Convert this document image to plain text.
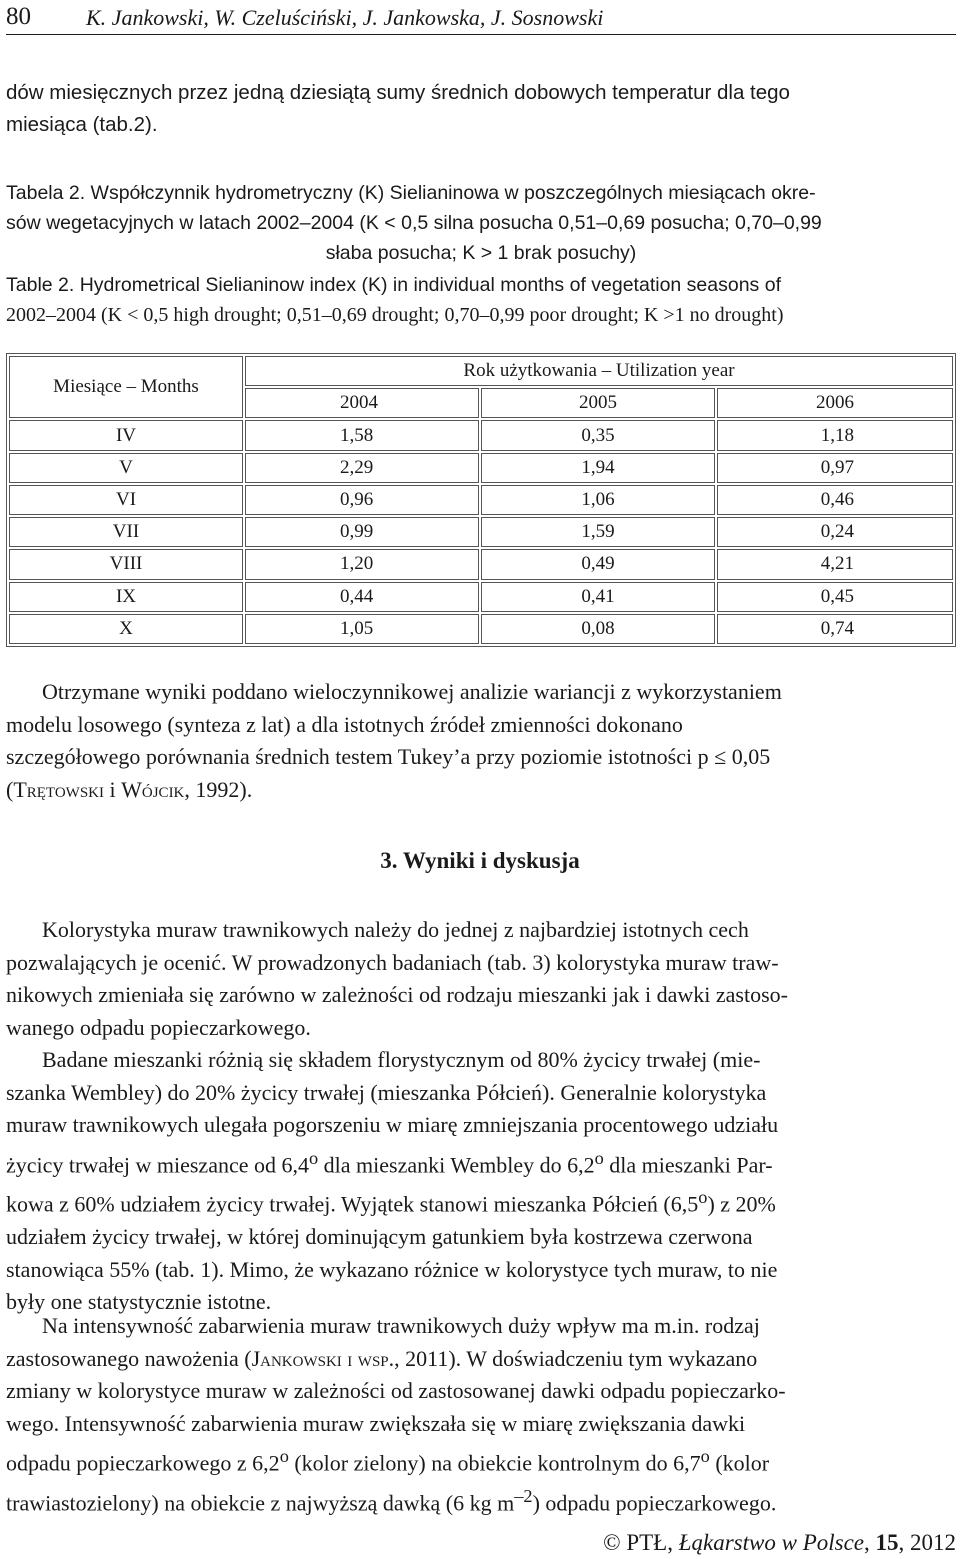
80	K. Jankowski, W. Czeluściński, J. Jankowska, J. Sosnowski
dów miesięcznych przez jedną dziesiątą sumy średnich dobowych temperatur dla tego
miesiąca (tab.2).
Tabela 2. Współczynnik hydrometryczny (K) Sielianinowa w poszczególnych miesiącach okre-
sów wegetacyjnych w latach 2002–2004 (K < 0,5 silna posucha 0,51–0,69 posucha; 0,70–0,99
słaba posucha; K > 1 brak posuchy)
Table 2. Hydrometrical Sielianinow index (K) in individual months of vegetation seasons of
2002–2004 (K < 0,5 high drought; 0,51–0,69 drought; 0,70–0,99 poor drought; K >1 no drought)
Miesiące – Months	Rok użytkowania – Utilization year		
	2004	2005	2006
IV	1,58	0,35	1,18
V	2,29	1,94	0,97
VI	0,96	1,06	0,46
VII	0,99	1,59	0,24
VIII	1,20	0,49	4,21
IX	0,44	0,41	0,45
X	1,05	0,08	0,74
Otrzymane wyniki poddano wieloczynnikowej analizie wariancji z wykorzystaniem
modelu losowego (synteza z lat) a dla istotnych źródeł zmienności dokonano
szczegółowego porównania średnich testem Tukey’a przy poziomie istotności p ≤ 0,05
(Trętowski i Wójcik, 1992).
3. Wyniki i dyskusja
Kolorystyka muraw trawnikowych należy do jednej z najbardziej istotnych cech
pozwalających je ocenić. W prowadzonych badaniach (tab. 3) kolorystyka muraw traw-
nikowych zmieniała się zarówno w zależności od rodzaju mieszanki jak i dawki zastoso-
wanego odpadu popieczarkowego.
Badane mieszanki różnią się składem florystycznym od 80% życicy trwałej (mie-
szanka Wembley) do 20% życicy trwałej (mieszanka Półcień). Generalnie kolorystyka
muraw trawnikowych ulegała pogorszeniu w miarę zmniejszania procentowego udziału
życicy trwałej w mieszance od 6,4$^o$ dla mieszanki Wembley do 6,2$^o$ dla mieszanki Par-
kowa z 60% udziałem życicy trwałej. Wyjątek stanowi mieszanka Półcień (6,5$^o$) z 20%
udziałem życicy trwałej, w której dominującym gatunkiem była kostrzewa czerwona
stanowiąca 55% (tab. 1). Mimo, że wykazano różnice w kolorystyce tych muraw, to nie
były one statystycznie istotne.
Na intensywność zabarwienia muraw trawnikowych duży wpływ ma m.in. rodzaj
zastosowanego nawożenia (Jankowski i wsp., 2011). W doświadczeniu tym wykazano
zmiany w kolorystyce muraw w zależności od zastosowanej dawki odpadu popieczarko-
wego. Intensywność zabarwienia muraw zwiększała się w miarę zwiększania dawki
odpadu popieczarkowego z 6,2$^o$ (kolor zielony) na obiekcie kontrolnym do 6,7$^o$ (kolor
trawiastozielony) na obiekcie z najwyższą dawką (6 kg $m^{-2}$) odpadu popieczarkowego.
© PTŁ, Łąkarstwo w Polsce, 15, 2012
